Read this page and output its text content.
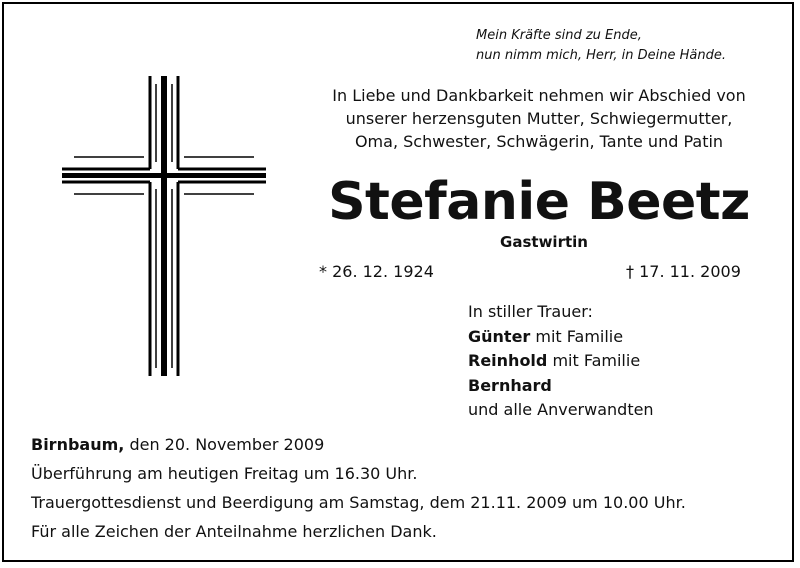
Mein Kräfte sind zu Ende,
nun nimm mich, Herr, in Deine Hände.
In Liebe und Dankbarkeit nehmen wir Abschied von
unserer herzensguten Mutter, Schwiegermutter,
Oma, Schwester, Schwägerin, Tante und Patin
Stefanie Beetz
Gastwirtin
* 26. 12. 1924	† 17. 11. 2009
In stiller Trauer:
Günter mit Familie
Reinhold mit Familie
Bernhard
und alle Anverwandten
Birnbaum, den 20. November 2009
Überführung am heutigen Freitag um 16.30 Uhr.
Trauergottesdienst und Beerdigung am Samstag, dem 21.11. 2009 um 10.00 Uhr.
Für alle Zeichen der Anteilnahme herzlichen Dank.
